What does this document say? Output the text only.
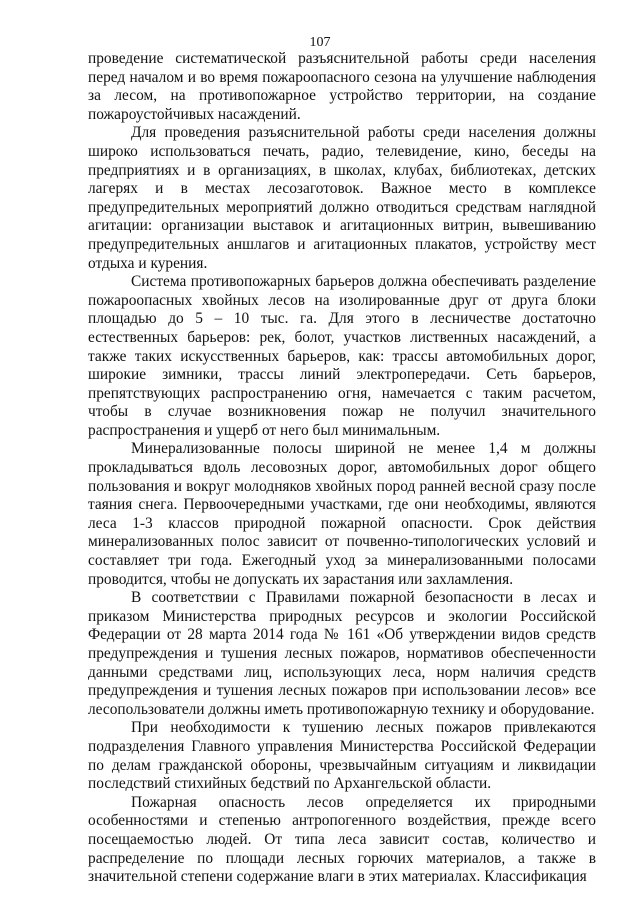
107

проведение систематической разъяснительной работы среди населения перед началом и во время пожароопасного сезона на улучшение наблюдения за лесом, на противопожарное устройство территории, на создание пожароустойчивых насаждений.

Для проведения разъяснительной работы среди населения должны широко использоваться печать, радио, телевидение, кино, беседы на предприятиях и в организациях, в школах, клубах, библиотеках, детских лагерях и в местах лесозаготовок. Важное место в комплексе предупредительных мероприятий должно отводиться средствам наглядной агитации: организации выставок и агитационных витрин, вывешиванию предупредительных аншлагов и агитационных плакатов, устройству мест отдыха и курения.

Система противопожарных барьеров должна обеспечивать разделение пожароопасных хвойных лесов на изолированные друг от друга блоки площадью до 5 – 10 тыс. га. Для этого в лесничестве достаточно естественных барьеров: рек, болот, участков лиственных насаждений, а также таких искусственных барьеров, как: трассы автомобильных дорог, широкие зимники, трассы линий электропередачи. Сеть барьеров, препятствующих распространению огня, намечается с таким расчетом, чтобы в случае возникновения пожар не получил значительного распространения и ущерб от него был минимальным.

Минерализованные полосы шириной не менее 1,4 м должны прокладываться вдоль лесовозных дорог, автомобильных дорог общего пользования и вокруг молодняков хвойных пород ранней весной сразу после таяния снега. Первоочередными участками, где они необходимы, являются леса 1-3 классов природной пожарной опасности. Срок действия минерализованных полос зависит от почвенно-типологических условий и составляет три года. Ежегодный уход за минерализованными полосами проводится, чтобы не допускать их зарастания или захламления.

В соответствии с Правилами пожарной безопасности в лесах и приказом Министерства природных ресурсов и экологии Российской Федерации от 28 марта 2014 года № 161 «Об утверждении видов средств предупреждения и тушения лесных пожаров, нормативов обеспеченности данными средствами лиц, использующих леса, норм наличия средств предупреждения и тушения лесных пожаров при использовании лесов» все лесопользователи должны иметь противопожарную технику и оборудование.

При необходимости к тушению лесных пожаров привлекаются подразделения Главного управления Министерства Российской Федерации по делам гражданской обороны, чрезвычайным ситуациям и ликвидации последствий стихийных бедствий по Архангельской области.

Пожарная опасность лесов определяется их природными особенностями и степенью антропогенного воздействия, прежде всего посещаемостью людей. От типа леса зависит состав, количество и распределение по площади лесных горючих материалов, а также в значительной степени содержание влаги в этих материалах. Классификация
